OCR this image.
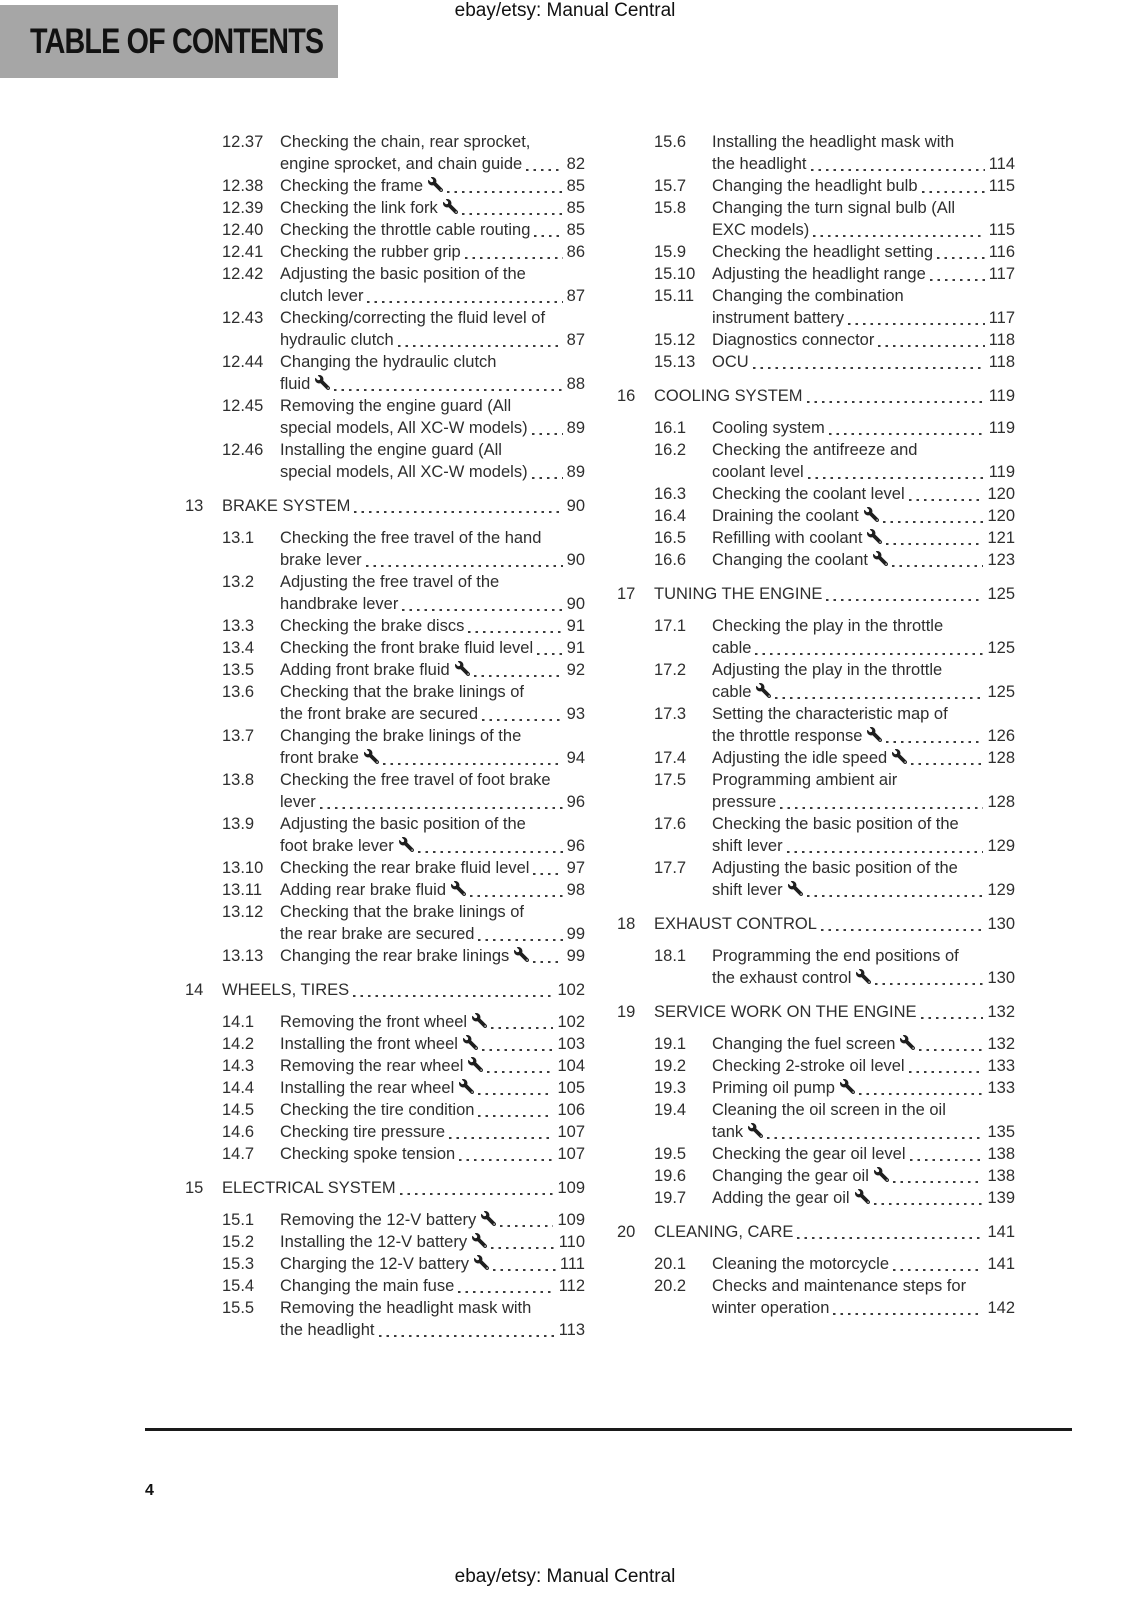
ebay/etsy: Manual Central
TABLE OF CONTENTS
12.37	Checking the chain, rear sprocket,
engine sprocket, and chain guide	82
12.38	Checking the frame	85
12.39	Checking the link fork	85
12.40	Checking the throttle cable routing 85
12.41	Checking the rubber grip	86
12.42	Adjusting the basic position of the
clutch lever	87
12.43	Checking/correcting the fluid level of
hydraulic clutch	87
12.44	Changing the hydraulic clutch
fluid	88
12.45	Removing the engine guard (All
special models, All XC-W models) 89
12.46	Installing the engine guard (All
special models, All XC-W models) 89
13	BRAKE SYSTEM	90
13.1	Checking the free travel of the hand
brake lever	90
13.2	Adjusting the free travel of the
handbrake lever	90
13.3	Checking the brake discs	91
13.4	Checking the front brake fluid level 91
13.5	Adding front brake fluid	92
13.6	Checking that the brake linings of
the front brake are secured	93
13.7	Changing the brake linings of the
front brake	94
13.8	Checking the free travel of foot brake
lever	96
13.9	Adjusting the basic position of the
foot brake lever	96
13.10	Checking the rear brake fluid level 97
13.11	Adding rear brake fluid	98
13.12	Checking that the brake linings of
the rear brake are secured	99
13.13	Changing the rear brake linings	99
14	WHEELS, TIRES	102
14.1	Removing the front wheel	102
14.2	Installing the front wheel	103
14.3	Removing the rear wheel	104
14.4	Installing the rear wheel	105
14.5	Checking the tire condition	106
14.6	Checking tire pressure	107
14.7	Checking spoke tension	107
15	ELECTRICAL SYSTEM	109
15.1	Removing the 12-V battery	109
15.2	Installing the 12-V battery	110
15.3	Charging the 12-V battery	111
15.4	Changing the main fuse	112
15.5	Removing the headlight mask with
the headlight	113
15.6	Installing the headlight mask with
the headlight	114
15.7	Changing the headlight bulb	115
15.8	Changing the turn signal bulb (All
EXC models)	115
15.9	Checking the headlight setting	116
15.10	Adjusting the headlight range	117
15.11	Changing the combination
instrument battery	117
15.12	Diagnostics connector	118
15.13	OCU	118
16	COOLING SYSTEM	119
16.1	Cooling system	119
16.2	Checking the antifreeze and
coolant level	119
16.3	Checking the coolant level	120
16.4	Draining the coolant	120
16.5	Refilling with coolant	121
16.6	Changing the coolant	123
17	TUNING THE ENGINE	125
17.1	Checking the play in the throttle
cable	125
17.2	Adjusting the play in the throttle
cable	125
17.3	Setting the characteristic map of
the throttle response	126
17.4	Adjusting the idle speed	128
17.5	Programming ambient air
pressure	128
17.6	Checking the basic position of the
shift lever	129
17.7	Adjusting the basic position of the
shift lever	129
18	EXHAUST CONTROL	130
18.1	Programming the end positions of
the exhaust control	130
19	SERVICE WORK ON THE ENGINE	132
19.1	Changing the fuel screen	132
19.2	Checking 2-stroke oil level	133
19.3	Priming oil pump	133
19.4	Cleaning the oil screen in the oil
tank	135
19.5	Checking the gear oil level	138
19.6	Changing the gear oil	138
19.7	Adding the gear oil	139
20	CLEANING, CARE	141
20.1	Cleaning the motorcycle	141
20.2	Checks and maintenance steps for
winter operation	142
4
ebay/etsy: Manual Central
